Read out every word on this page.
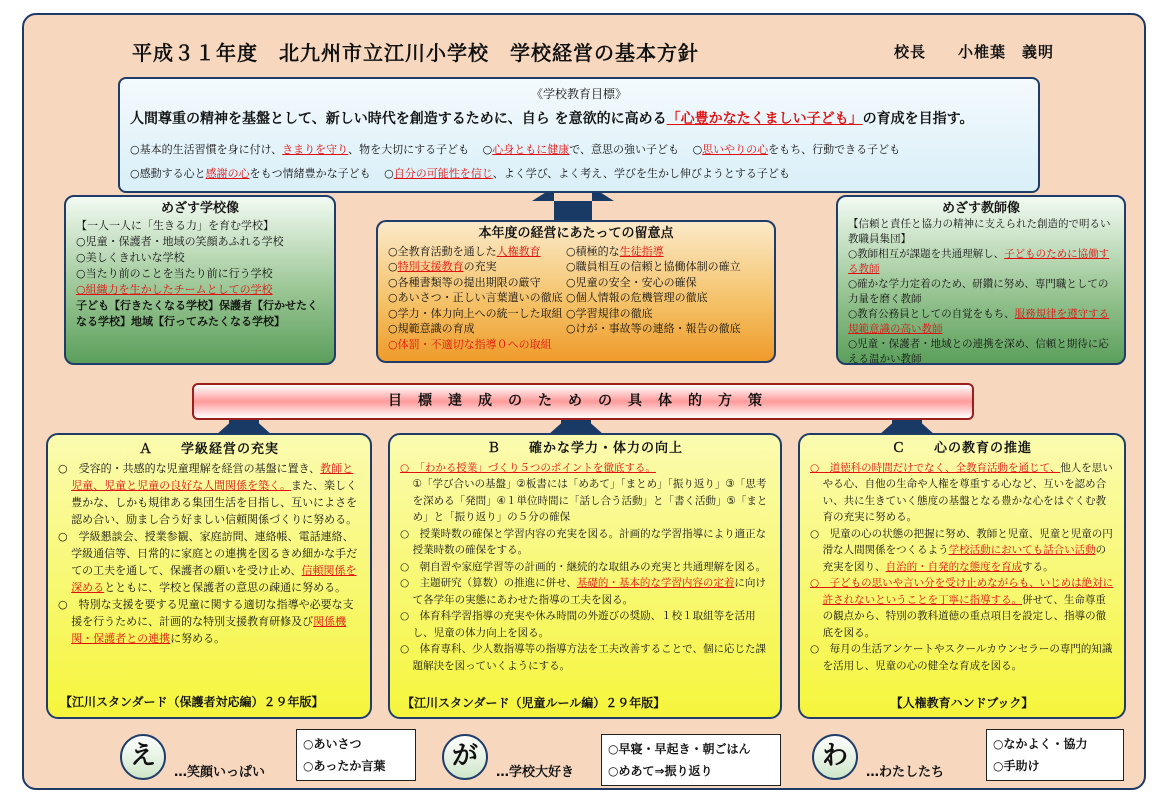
平成３１年度　北九州市立江川小学校　学校経営の基本方針	校長　　小椎葉　義明
《学校教育目標》
人間尊重の精神を基盤として、新しい時代を創造するために、自ら を意欲的に高める「心豊かなたくましい子ども」の育成を目指す。
○基本的生活習慣を身に付け、きまりを守り、物を大切にする子ども ○心身ともに健康で、意思の強い子ども ○思いやりの心をもち、行動できる子ども
○感動する心と感謝の心をもつ情緒豊かな子ども ○自分の可能性を信じ、よく学び、よく考え、学びを生かし伸びようとする子ども
めざす学校像
【一人一人に「生きる力」を育む学校】
○児童・保護者・地域の笑顔あふれる学校
○美しくきれいな学校
○当たり前のことを当たり前に行う学校
○組織力を生かしたチームとしての学校
子ども【行きたくなる学校】保護者【行かせたくなる学校】地域【行ってみたくなる学校】
本年度の経営にあたっての留意点
○全教育活動を通した人権教育	○積極的な生徒指導
○特別支援教育の充実	○職員相互の信頼と協働体制の確立
○各種書類等の提出期限の厳守	○児童の安全・安心の確保
○あいさつ・正しい言葉遣いの徹底 ○個人情報の危機管理の徹底
○学力・体力向上への統一した取組 ○学習規律の徹底
○規範意識の育成	○けが・事故等の連絡・報告の徹底
○体罰・不適切な指導０への取組
めざす教師像
【信頼と責任と協力の精神に支えられた創造的で明るい教職員集団】
○教師相互が課題を共通理解し、子どものために協働する教師
○確かな学力定着のため、研鑽に努め、専門職としての力量を磨く教師
○教育公務員としての自覚をもち、服務規律を遵守する規範意識の高い教師
○児童・保護者・地域との連携を深め、信頼と期待に応える温かい教師
目標達成のための具体的方策
Ａ　　学級経営の充実

○　受容的・共感的な児童理解を経営の基盤に置き、教師と児童、児童と児童の良好な人間関係を築く。また、楽しく豊かな、しかも規律ある集団生活を目指し、互いによさを認め合い、励まし合う好ましい信頼関係づくりに努める。

○　学級懇談会、授業参観、家庭訪問、連絡帳、電話連絡、学級通信等、日常的に家庭との連携を図るきめ細かな手だての工夫を通して、保護者の願いを受け止め、信頼関係を深めるとともに、学校と保護者の意思の疎通に努める。

○　特別な支援を要する児童に関する適切な指導や必要な支援を行うために、計画的な特別支援教育研修及び関係機関・保護者との連携に努める。

【江川スタンダード（保護者対応編）２９年版】
Ｂ　　確かな学力・体力の向上

○　「わかる授業」づくり５つのポイントを徹底する。
①「学び合いの基盤」②板書には「めあて」「まとめ」「振り返り」③「思考を深める「発問」④１単位時間に「話し合う活動」と「書く活動」⑤「まとめ」と「振り返り」の５分の確保

○　授業時数の確保と学習内容の充実を図る。計画的な学習指導により適正な授業時数の確保をする。

○　朝自習や家庭学習等の計画的・継続的な取組みの充実と共通理解を図る。

○　主題研究（算数）の推進に併せ、基礎的・基本的な学習内容の定着に向けて各学年の実態にあわせた指導の工夫を図る。

○　体育科学習指導の充実や休み時間の外遊びの奨励、１校１取組等を活用し、児童の体力向上を図る。

○　体育専科、少人数指導等の指導方法を工夫改善することで、個に応じた課題解決を図っていくようにする。

【江川スタンダード（児童ルール編）２９年版】
Ｃ　　心の教育の推進

○　道徳科の時間だけでなく、全教育活動を通じて、他人を思いやる心、自他の生命や人権を尊重する心など、互いを認め合い、共に生きていく態度の基盤となる豊かな心をはぐくむ教育の充実に努める。

○　児童の心の状態の把握に努め、教師と児童、児童と児童の円滑な人間関係をつくるよう学校活動においても話合い活動の充実を図り、自治的・自発的な態度を育成する。

○　子どもの思いや言い分を受け止めながらも、いじめは絶対に許されないということを丁寧に指導する。併せて、生命尊重の観点から、特別の教科道徳の重点項目を設定し、指導の徹底を図る。

○　毎月の生活アンケートやスクールカウンセラーの専門的知識を活用し、児童の心の健全な育成を図る。

【人権教育ハンドブック】
え
…笑顔いっぱい
○あいさつ
○あったか言葉	が
…学校大好き
○早寝・早起き・朝ごはん
○めあて⇒振り返り	わ
…わたしたち
○なかよく・協力
○手助け
